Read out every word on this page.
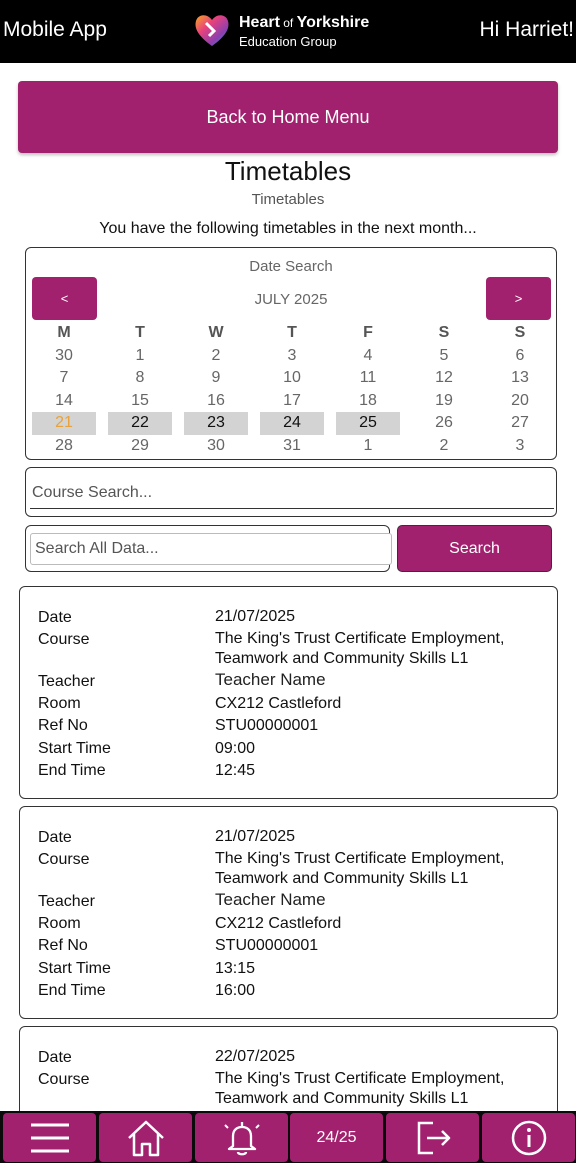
Mobile App	Heart of Yorkshire
Education Group
Hi Harriet!
Back to Home Menu
Timetables
Timetables
You have the following timetables in the next month...
Date Search
<	JULY 2025	>
M	T	W	T	F	S	S
30	1	2	3	4	5	6
7	8	9	10	11	12	13
14	15	16	17	18	19	20
21	22	23	24	25	26	27
28	29	30	31	1	2	3
Course Search...
Search All Data...
Search
Date	21/07/2025
Course	The King's Trust Certificate Employment,
Teamwork and Community Skills L1
Teacher	Teacher Name
Room	CX212 Castleford
Ref No	STU00000001
Start Time	09:00
End Time	12:45
Date	21/07/2025
Course	The King's Trust Certificate Employment,
Teamwork and Community Skills L1
Teacher	Teacher Name
Room	CX212 Castleford
Ref No	STU00000001
Start Time	13:15
End Time	16:00
Date	22/07/2025
Course	The King's Trust Certificate Employment,
Teamwork and Community Skills L1
24/25
